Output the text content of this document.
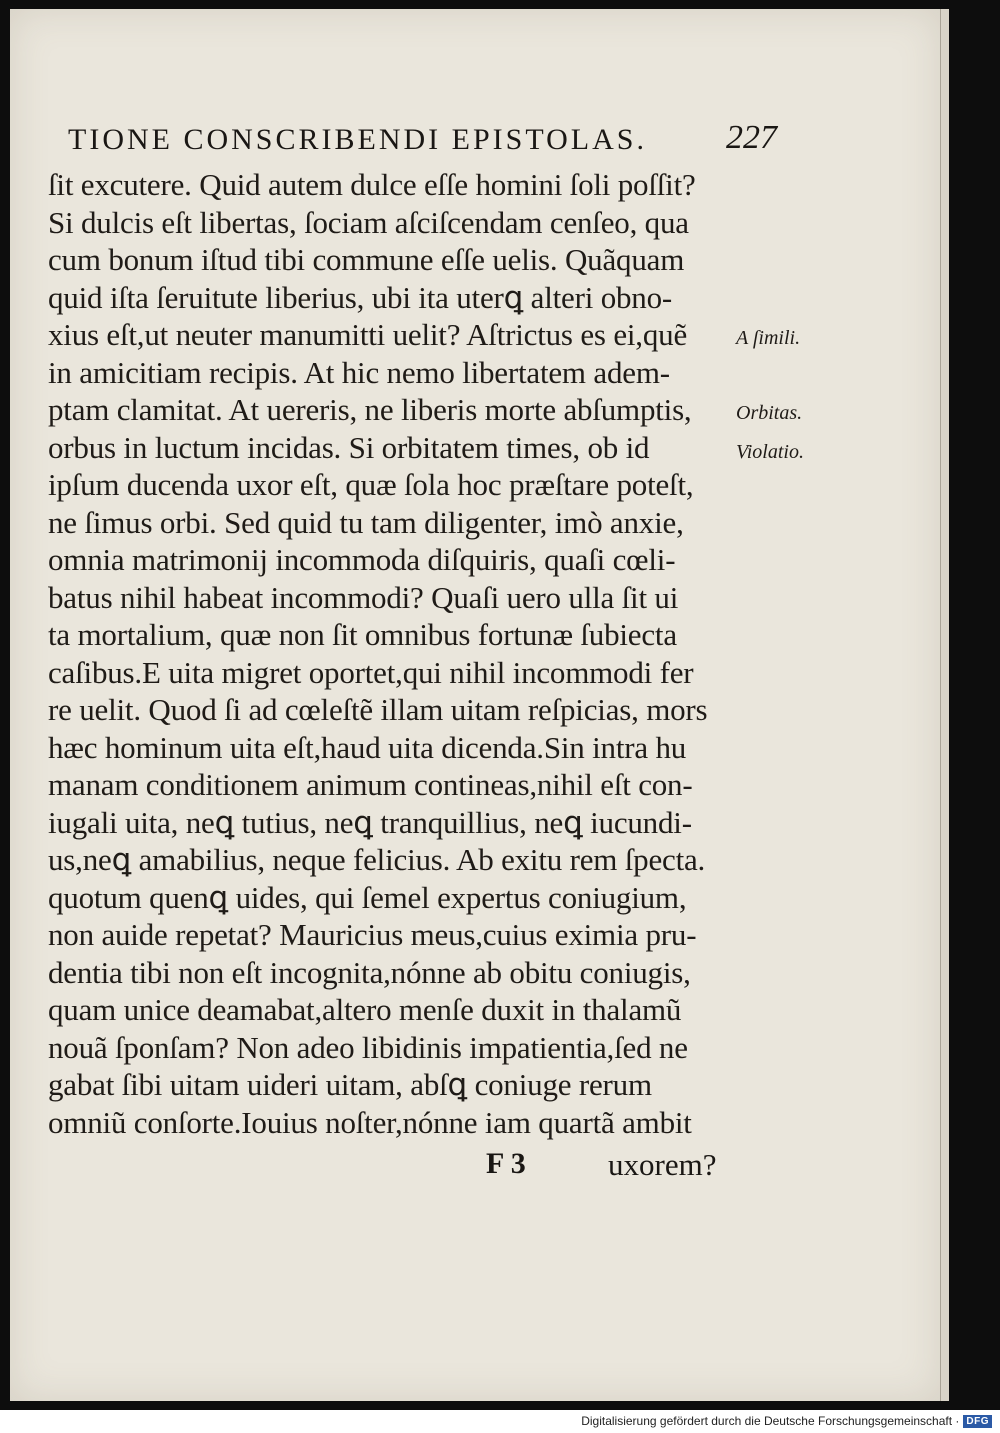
TIONE CONSCRIBENDI EPISTOLAS. 227
ſit excutere. Quid autem dulce eſſe homini ſoli poſſit?
Si dulcis eſt libertas, ſociam aſciſcendam cenſeo, qua
cum bonum iſtud tibi commune eſſe uelis. Quãquam
quid iſta ſeruitute liberius, ubi ita uterꝗ alteri obno-
xius eſt,ut neuter manumitti uelit? Aſtrictus es ei,quẽ
in amicitiam recipis. At hic nemo libertatem adem-
ptam clamitat. At uereris, ne liberis morte abſumptis,
orbus in luctum incidas. Si orbitatem times, ob id
ipſum ducenda uxor eſt, quæ ſola hoc præſtare poteſt,
ne ſimus orbi. Sed quid tu tam diligenter, imò anxie,
omnia matrimonij incommoda diſquiris, quaſi cœli-
batus nihil habeat incommodi? Quaſi uero ulla ſit ui
ta mortalium, quæ non ſit omnibus fortunæ ſubiecta
caſibus.E uita migret oportet,qui nihil incommodi fer
re uelit. Quod ſi ad cœleſtẽ illam uitam reſpicias, mors
hæc hominum uita eſt,haud uita dicenda.Sin intra hu
manam conditionem animum contineas,nihil eſt con-
iugali uita, neꝗ tutius, neꝗ tranquillius, neꝗ iucundi-
us,neꝗ amabilius, neque felicius. Ab exitu rem ſpecta.
quotum quenꝗ uides, qui ſemel expertus coniugium,
non auide repetat? Mauricius meus,cuius eximia pru-
dentia tibi non eſt incognita,nónne ab obitu coniugis,
quam unice deamabat,altero menſe duxit in thalamũ
nouã ſponſam? Non adeo libidinis impatientia,ſed ne
gabat ſibi uitam uideri uitam, abſꝗ coniuge rerum
omniũ conſorte.Iouius noſter,nónne iam quartã ambit
A ſimili.
Orbitas.
Violatio.
F 3	uxorem?
Digitalisierung gefördert durch die Deutsche Forschungsgemeinschaft · DFG
